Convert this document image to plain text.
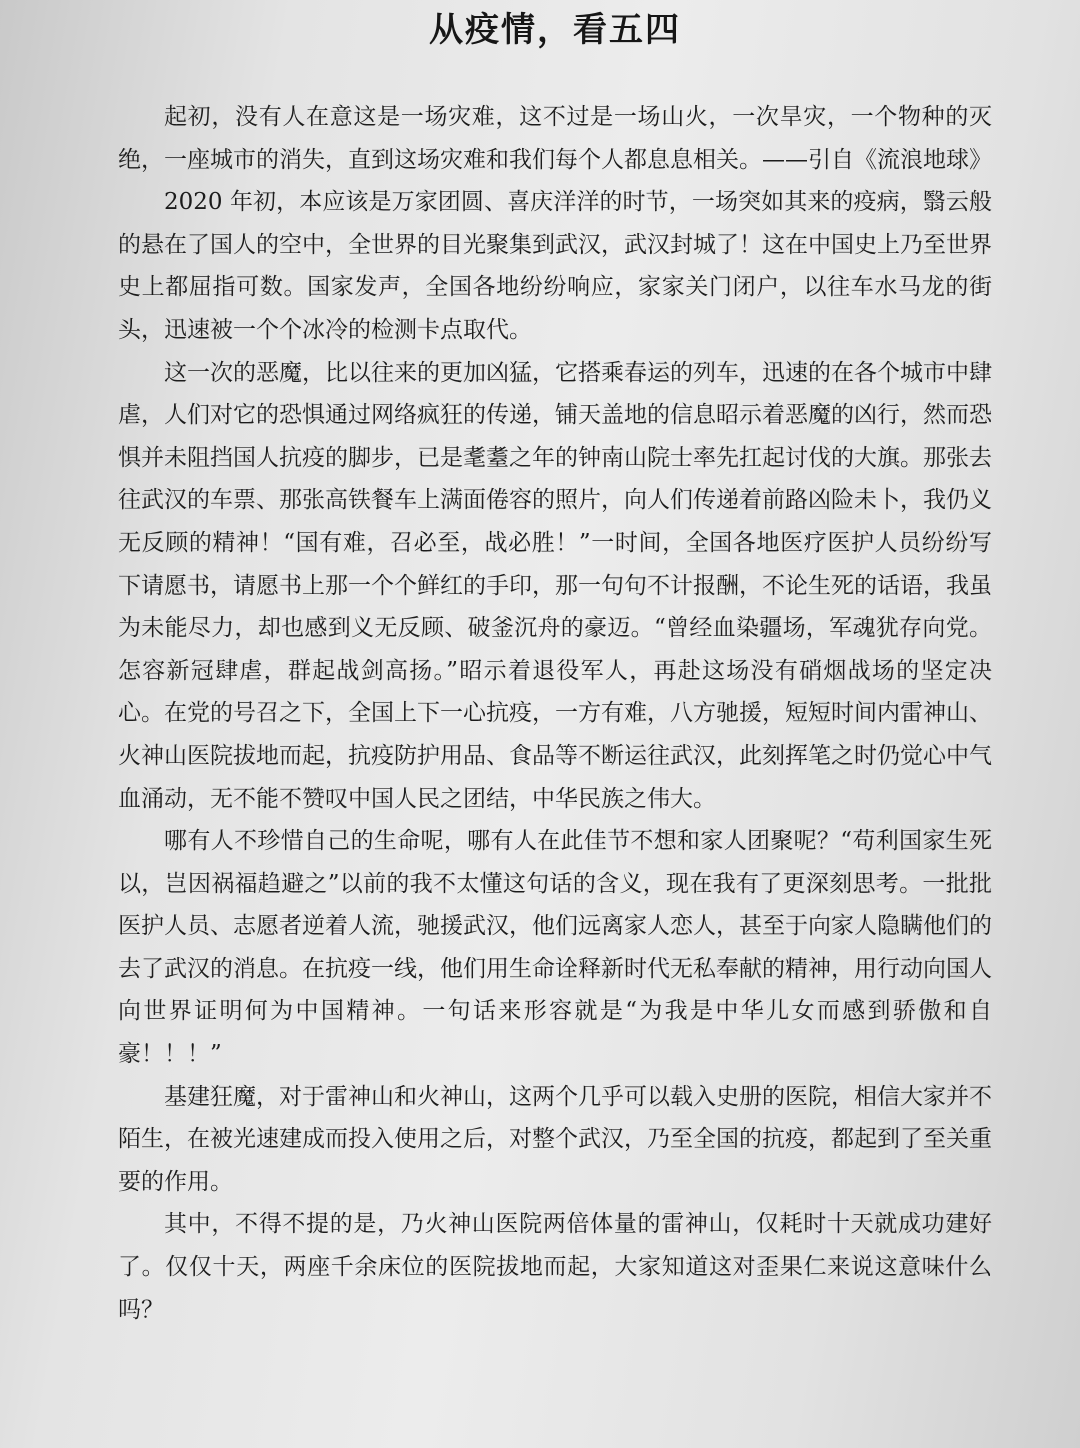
从疫情，看五四

起初，没有人在意这是一场灾难，这不过是一场山火，一次旱灾，一个物种的灭绝，一座城市的消失，直到这场灾难和我们每个人都息息相关。——引自《流浪地球》

2020 年初，本应该是万家团圆、喜庆洋洋的时节，一场突如其来的疫病，翳云般的悬在了国人的空中，全世界的目光聚集到武汉，武汉封城了！这在中国史上乃至世界史上都屈指可数。国家发声，全国各地纷纷响应，家家关门闭户，以往车水马龙的街头，迅速被一个个冰冷的检测卡点取代。

这一次的恶魔，比以往来的更加凶猛，它搭乘春运的列车，迅速的在各个城市中肆虐，人们对它的恐惧通过网络疯狂的传递，铺天盖地的信息昭示着恶魔的凶行，然而恐惧并未阻挡国人抗疫的脚步，已是耄耋之年的钟南山院士率先扛起讨伐的大旗。那张去往武汉的车票、那张高铁餐车上满面倦容的照片，向人们传递着前路凶险未卜，我仍义无反顾的精神！“国有难，召必至，战必胜！”一时间，全国各地医疗医护人员纷纷写下请愿书，请愿书上那一个个鲜红的手印，那一句句不计报酬，不论生死的话语，我虽为未能尽力，却也感到义无反顾、破釜沉舟的豪迈。“曾经血染疆场，军魂犹存向党。怎容新冠肆虐，群起战剑高扬。”昭示着退役军人，再赴这场没有硝烟战场的坚定决心。在党的号召之下，全国上下一心抗疫，一方有难，八方驰援，短短时间内雷神山、火神山医院拔地而起，抗疫防护用品、食品等不断运往武汉，此刻挥笔之时仍觉心中气血涌动，无不能不赞叹中国人民之团结，中华民族之伟大。

哪有人不珍惜自己的生命呢，哪有人在此佳节不想和家人团聚呢？“苟利国家生死以，岂因祸福趋避之”以前的我不太懂这句话的含义，现在我有了更深刻思考。一批批医护人员、志愿者逆着人流，驰援武汉，他们远离家人恋人，甚至于向家人隐瞒他们的去了武汉的消息。在抗疫一线，他们用生命诠释新时代无私奉献的精神，用行动向国人向世界证明何为中国精神。一句话来形容就是“为我是中华儿女而感到骄傲和自豪！！！”

基建狂魔，对于雷神山和火神山，这两个几乎可以载入史册的医院，相信大家并不陌生，在被光速建成而投入使用之后，对整个武汉，乃至全国的抗疫，都起到了至关重要的作用。

其中，不得不提的是，乃火神山医院两倍体量的雷神山，仅耗时十天就成功建好了。仅仅十天，两座千余床位的医院拔地而起，大家知道这对歪果仁来说这意味什么吗？
